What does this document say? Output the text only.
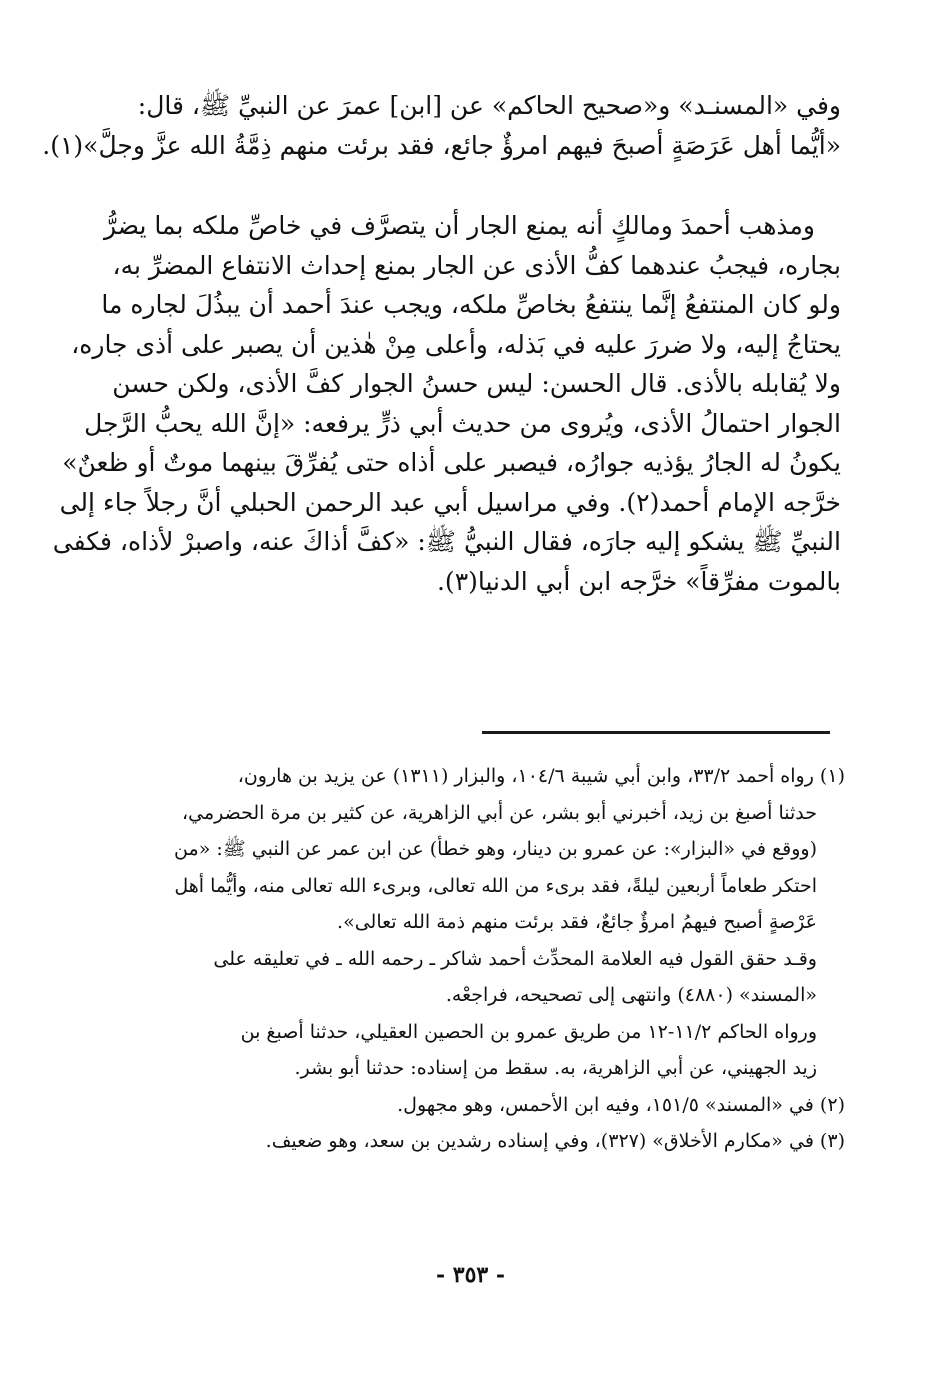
وفي «المسنـد» و«صحيح الحاكم» عن [ابن] عمرَ عن النبيِّ ﷺ، قال:
«أيُّما أهل عَرَصَةٍ أصبحَ فيهم امرؤٌ جائع، فقد برئت منهم ذِمَّةُ الله عزَّ وجلَّ»(١).
ومذهب أحمدَ ومالكٍ أنه يمنع الجار أن يتصرَّف في خاصِّ ملكه بما يضرُّ
بجاره، فيجبُ عندهما كفُّ الأذى عن الجار بمنع إحداث الانتفاع المضرِّ به،
ولو كان المنتفعُ إنَّما ينتفعُ بخاصِّ ملكه، ويجب عندَ أحمد أن يبذُلَ لجاره ما
يحتاجُ إليه، ولا ضررَ عليه في بَذله، وأعلى مِنْ هٰذين أن يصبر على أذى جاره،
ولا يُقابله بالأذى. قال الحسن: ليس حسنُ الجوار كفَّ الأذى، ولكن حسن
الجوار احتمالُ الأذى، ويُروى من حديث أبي ذرٍّ يرفعه: «إنَّ الله يحبُّ الرَّجل
يكونُ له الجارُ يؤذيه جوارُه، فيصبر على أذاه حتى يُفرِّقَ بينهما موتٌ أو ظعنٌ»
خرَّجه الإمام أحمد(٢). وفي مراسيل أبي عبد الرحمن الحبلي أنَّ رجلاً جاء إلى
النبيِّ ﷺ يشكو إليه جارَه، فقال النبيُّ ﷺ: «كفَّ أذاكَ عنه، واصبرْ لأذاه، فكفى
بالموت مفرِّقاً» خرَّجه ابن أبي الدنيا(٣).
(١) رواه أحمد ٣٣/٢، وابن أبي شيبة ١٠٤/٦، والبزار (١٣١١) عن يزيد بن هارون،
حدثنا أصبغ بن زيد، أخبرني أبو بشر، عن أبي الزاهرية، عن كثير بن مرة الحضرمي،
(ووقع في «البزار»: عن عمرو بن دينار، وهو خطأ) عن ابن عمر عن النبي ﷺ: «من
احتكر طعاماً أربعين ليلةً، فقد برىء من الله تعالى، وبرىء الله تعالى منه، وأيُّما أهل
عَرْصةٍ أصبح فيهمُ امرؤٌ جائعٌ، فقد برئت منهم ذمة الله تعالى».
وقـد حقق القول فيه العلامة المحدِّث أحمد شاكر ـ رحمه الله ـ في تعليقه على
«المسند» (٤٨٨٠) وانتهى إلى تصحيحه، فراجعْه.
ورواه الحاكم ١١/٢-١٢ من طريق عمرو بن الحصين العقيلي، حدثنا أصبغ بن
زيد الجهيني، عن أبي الزاهرية، به. سقط من إسناده: حدثنا أبو بشر.
(٢) في «المسند» ١٥١/٥، وفيه ابن الأحمس، وهو مجهول.
(٣) في «مكارم الأخلاق» (٣٢٧)، وفي إسناده رشدين بن سعد، وهو ضعيف.
- ٣٥٣ -
